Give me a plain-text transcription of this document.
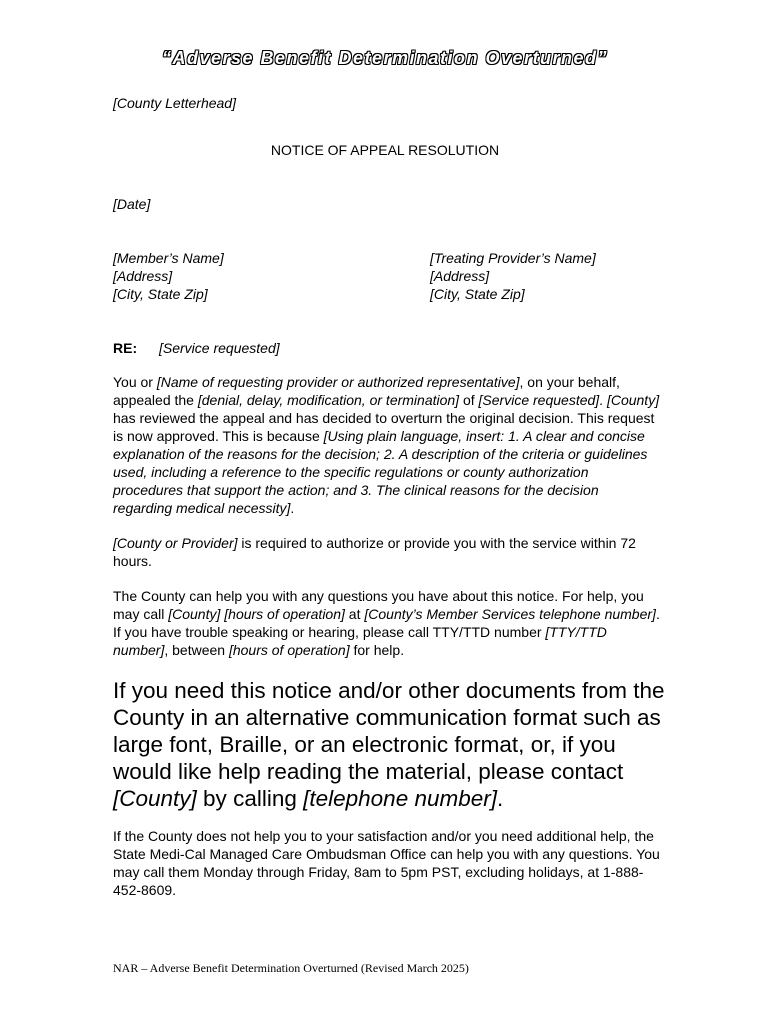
“Adverse Benefit Determination Overturned”
[County Letterhead]
NOTICE OF APPEAL RESOLUTION
[Date]
[Member’s Name]
[Address]
[City, State Zip]
[Treating Provider’s Name]
[Address]
[City, State Zip]
RE: [Service requested]
You or [Name of requesting provider or authorized representative], on your behalf, appealed the [denial, delay, modification, or termination] of [Service requested]. [County] has reviewed the appeal and has decided to overturn the original decision. This request is now approved. This is because [Using plain language, insert: 1. A clear and concise explanation of the reasons for the decision; 2. A description of the criteria or guidelines used, including a reference to the specific regulations or county authorization procedures that support the action; and 3. The clinical reasons for the decision regarding medical necessity].
[County or Provider] is required to authorize or provide you with the service within 72 hours.
The County can help you with any questions you have about this notice. For help, you may call [County] [hours of operation] at [County’s Member Services telephone number]. If you have trouble speaking or hearing, please call TTY/TTD number [TTY/TTD number], between [hours of operation] for help.
If you need this notice and/or other documents from the County in an alternative communication format such as large font, Braille, or an electronic format, or, if you would like help reading the material, please contact [County] by calling [telephone number].
If the County does not help you to your satisfaction and/or you need additional help, the State Medi-Cal Managed Care Ombudsman Office can help you with any questions. You may call them Monday through Friday, 8am to 5pm PST, excluding holidays, at 1-888-452-8609.
NAR – Adverse Benefit Determination Overturned (Revised March 2025)
